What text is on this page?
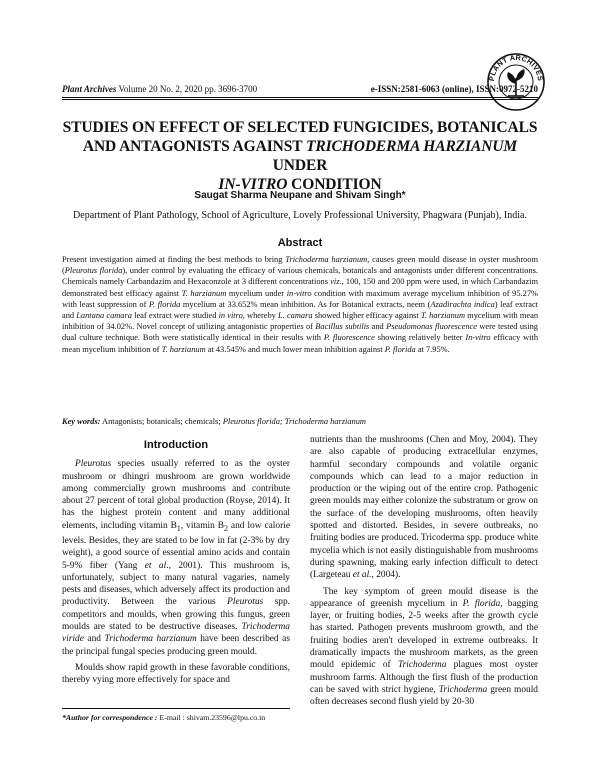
PLANT ARCHIVES
Plant Archives Volume 20 No. 2, 2020 pp. 3696-3700	e-ISSN:2581-6063 (online), ISSN:0972-5210
STUDIES ON EFFECT OF SELECTED FUNGICIDES, BOTANICALS AND ANTAGONISTS AGAINST TRICHODERMA HARZIANUM UNDER
IN-VITRO CONDITION
Saugat Sharma Neupane and Shivam Singh*
Department of Plant Pathology, School of Agriculture, Lovely Professional University, Phagwara (Punjab), India.
Abstract

Present investigation aimed at finding the best methods to bring Trichoderma harzianum, causes green mould disease in oyster mushroom (Pleurotus florida), under control by evaluating the efficacy of various chemicals, botanicals and antagonists under different concentrations. Chemicals namely Carbandazim and Hexaconzole at 3 different concentrations viz., 100, 150 and 200 ppm were used, in which Carbandazim demonstrated best efficacy against T. harzianum mycelium under in-vitro condition with maximum average mycelium inhibition of 95.27% with least suppression of P. florida mycelium at 33.652% mean inhibition. As for Botanical extracts, neem (Azadirachta indica) leaf extract and Lantana camara leaf extract were studied in vitro, whereby L. camara showed higher efficacy against T. harzianum mycelium with mean inhibition of 34.02%. Novel concept of utilizing antagonistic properties of Bacillus subtilis and Pseudomonas fluorescence were tested using dual culture technique. Both were statistically identical in their results with P. fluorescence showing relatively better In-vitro efficacy with mean mycelium inhibition of T. harzianum at 43.545% and much lower mean inhibition against P. florida at 7.95%.

Key words: Antagonists; botanicals; chemicals; Pleurotus florida; Trichoderma harzianum

Introduction

Pleurotus species usually referred to as the oyster mushroom or dhingri mushroom are grown worldwide among commercially grown mushrooms and contribute about 27 percent of total global production (Royse, 2014). It has the highest protein content and many additional elements, including vitamin $B_1$, vitamin $B_2$ and low calorie levels. Besides, they are stated to be low in fat (2-3% by dry weight), a good source of essential amino acids and contain 5-9% fiber (Yang et al., 2001). This mushroom is, unfortunately, subject to many natural vagaries, namely pests and diseases, which adversely affect its production and productivity. Between the various Pleurotus spp. competitors and moulds, when growing this fungus, green moulds are stated to be destructive diseases. Trichoderma viride and Trichoderma harzianum have been described as the principal fungal species producing green mould.

Moulds show rapid growth in these favorable conditions, thereby vying more effectively for space and

nutrients than the mushrooms (Chen and Moy, 2004). They are also capable of producing extracellular enzymes, harmful secondary compounds and volatile organic compounds which can lead to a major reduction in production or the wiping out of the entire crop. Pathogenic green moulds may either colonize the substratum or grow on the surface of the developing mushrooms, often heavily spotted and distorted. Besides, in severe outbreaks, no fruiting bodies are produced. Tricoderma spp. produce white mycelia which is not easily distinguishable from mushrooms during spawning, making early infection difficult to detect (Largeteau et al., 2004).

The key symptom of green mould disease is the appearance of greenish mycelium in P. florida, bagging layer, or fruiting bodies, 2-5 weeks after the growth cycle has started. Pathogen prevents mushroom growth, and the fruiting bodies aren't developed in extreme outbreaks. It dramatically impacts the mushroom markets, as the green mould epidemic of Trichoderma plagues most oyster mushroom farms. Although the first flush of the production can be saved with strict hygiene, Trichoderma green mould often decreases second flush yield by 20-30

*Author for correspondence : E-mail : shivam.23596@lpu.co.in
